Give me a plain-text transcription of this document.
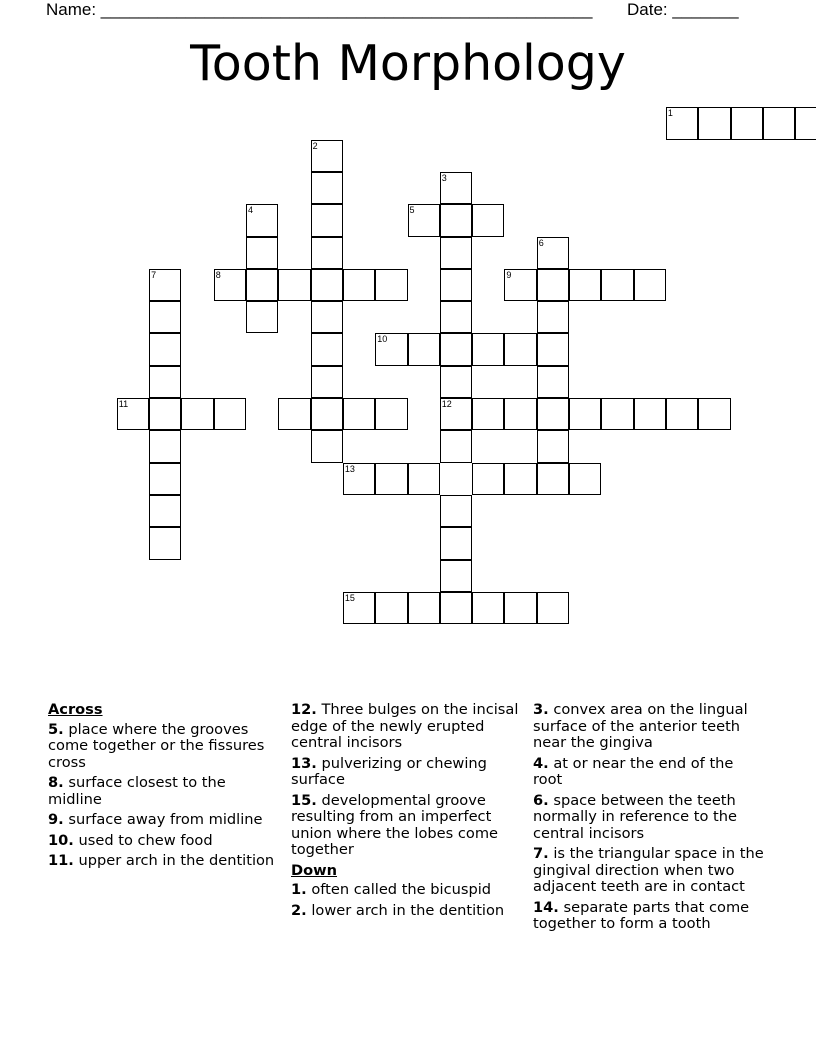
Name: ____________________________________________________ Date: _______
Tooth Morphology
1
2
3
12
4	5
6
7	8	9
10
11
13
15
Across
5. place where the grooves come together or the fissures cross
8. surface closest to the midline
9. surface away from midline
10. used to chew food
11. upper arch in the dentition
12. Three bulges on the incisal edge of the newly erupted central incisors
13. pulverizing or chewing surface
15. developmental groove resulting from an imperfect union where the lobes come together
Down
1. often called the bicuspid
2. lower arch in the dentition
3. convex area on the lingual surface of the anterior teeth near the gingiva
4. at or near the end of the root
6. space between the teeth normally in reference to the central incisors
7. is the triangular space in the gingival direction when two adjacent teeth are in contact
14. separate parts that come together to form a tooth
